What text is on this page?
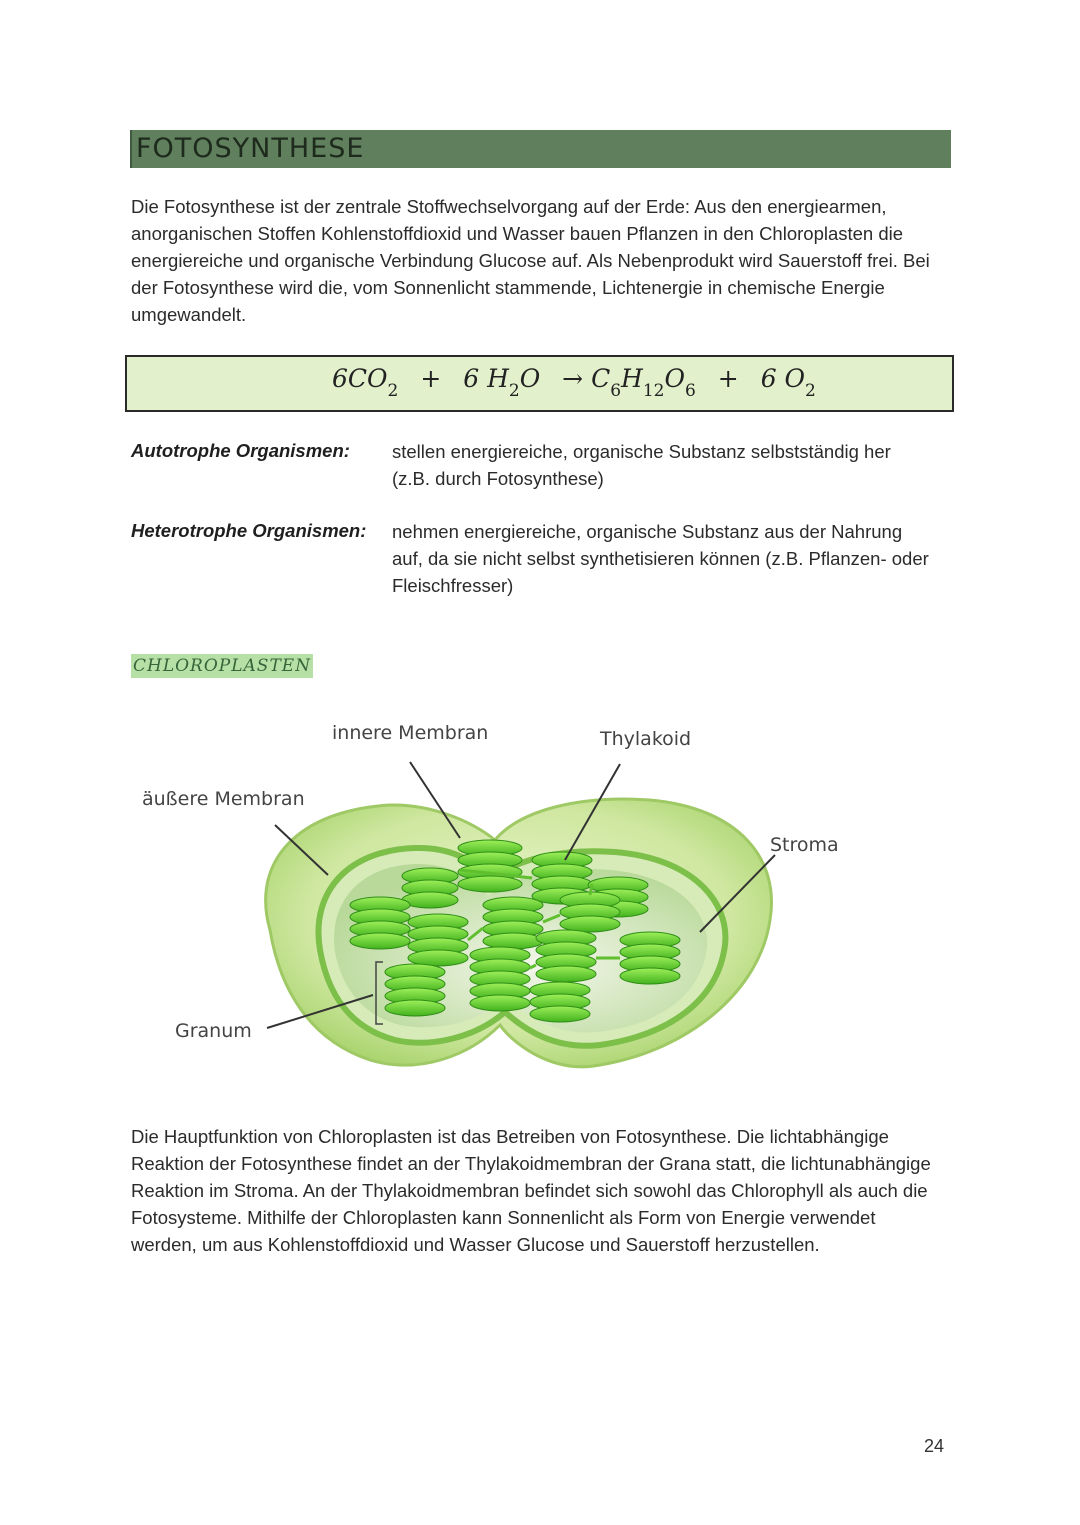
FOTOSYNTHESE
Die Fotosynthese ist der zentrale Stoffwechselvorgang auf der Erde: Aus den energiearmen, anorganischen Stoffen Kohlenstoffdioxid und Wasser bauen Pflanzen in den Chloroplasten die energiereiche und organische Verbindung Glucose auf. Als Nebenprodukt wird Sauerstoff frei. Bei der Fotosynthese wird die, vom Sonnenlicht stammende, Lichtenergie in chemische Energie umgewandelt.
$6CO_2 + 6$ $H_2O \to C_6H_{12}O_6 + 6$ $O_2$
Autotrophe Organismen: stellen energiereiche, organische Substanz selbstständig her (z.B. durch Fotosynthese)
Heterotrophe Organismen: nehmen energiereiche, organische Substanz aus der Nahrung auf, da sie nicht selbst synthetisieren können (z.B. Pflanzen- oder Fleischfresser)
CHLOROPLASTEN
innere Membran	Thylakoid
äußere Membran
Stroma
Granum
Die Hauptfunktion von Chloroplasten ist das Betreiben von Fotosynthese. Die lichtabhängige Reaktion der Fotosynthese findet an der Thylakoidmembran der Grana statt, die lichtunabhängige Reaktion im Stroma. An der Thylakoidmembran befindet sich sowohl das Chlorophyll als auch die Fotosysteme. Mithilfe der Chloroplasten kann Sonnenlicht als Form von Energie verwendet werden, um aus Kohlenstoffdioxid und Wasser Glucose und Sauerstoff herzustellen.
24
